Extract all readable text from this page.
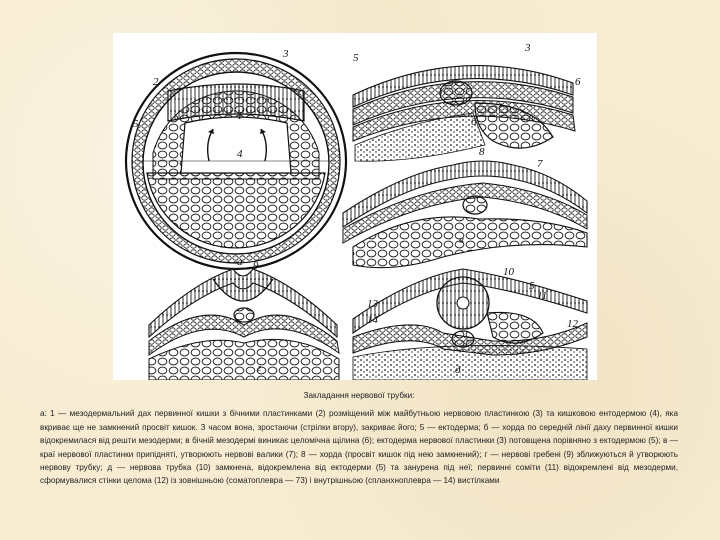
2
3
5
1
4
а
5
3
6
б
8
7
в
9
г
10
5
11
13
14	12
д

Закладання нервової трубки:

а: 1 — мезодермальний дах первинної кишки з бічними пластинками (2) розміщений між майбутньою нервовою пластинкою (3) та кишковою ентодермою (4), яка вкриває ще не замкнений просвіт кишок. З часом вона, зростаючи (стрілки вгору), закриває його; 5 — ектодерма; б — хорда по середній лінії даху первинної кишки відокремилася від решти мезодерми; в бічній мезодермі виникає целомічна щілина (6); ектодерма нервової пластинки (3) потовщена порівняно з ектодермою (5); в — краї нервової пластинки припідняті, утворюють нервові валики (7); 8 — хорда (просвіт кишок під нею замкнений); г — нервові гребені (9) зближуються й утворюють нервову трубку; д — нервова трубка (10) замкнена, відокремлена від ектодерми (5) та занурена під неї; первинні соміти (11) відокремлені від мезодерми, сформувалися стінки целома (12) із зовнішньою (соматоплевра — 73) і внутрішньою (спланхноплевра — 14) вистілками
